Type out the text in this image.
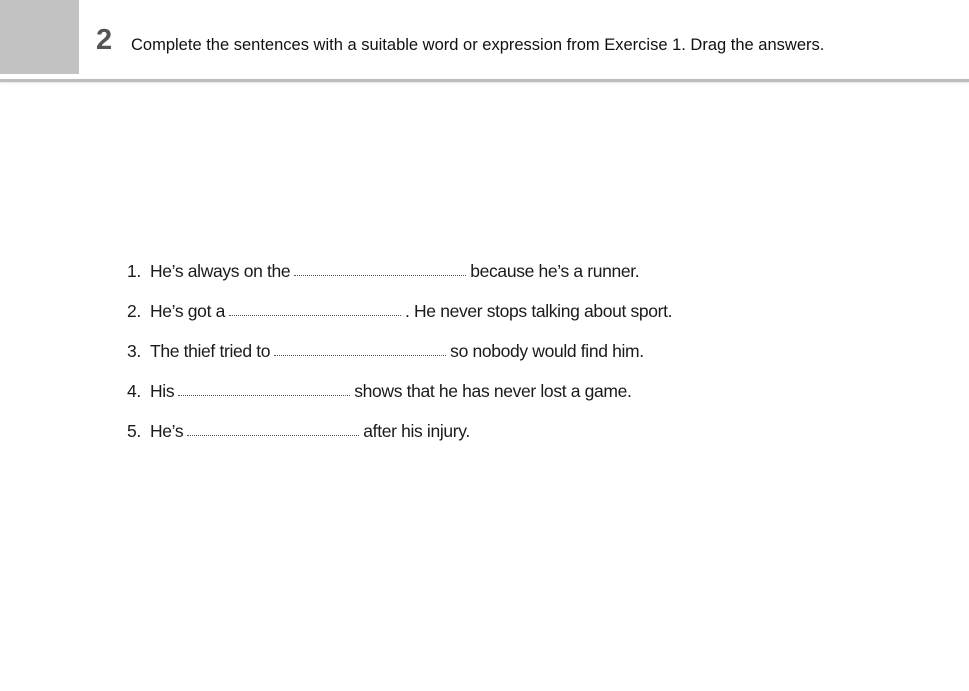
2 Complete the sentences with a suitable word or expression from Exercise 1. Drag the answers.
1. He’s always on the	because he’s a runner.
2. He’s got a	. He never stops talking about sport.
3. The thief tried to	so nobody would find him.
4. His	shows that he has never lost a game.
5. He’s	after his injury.
